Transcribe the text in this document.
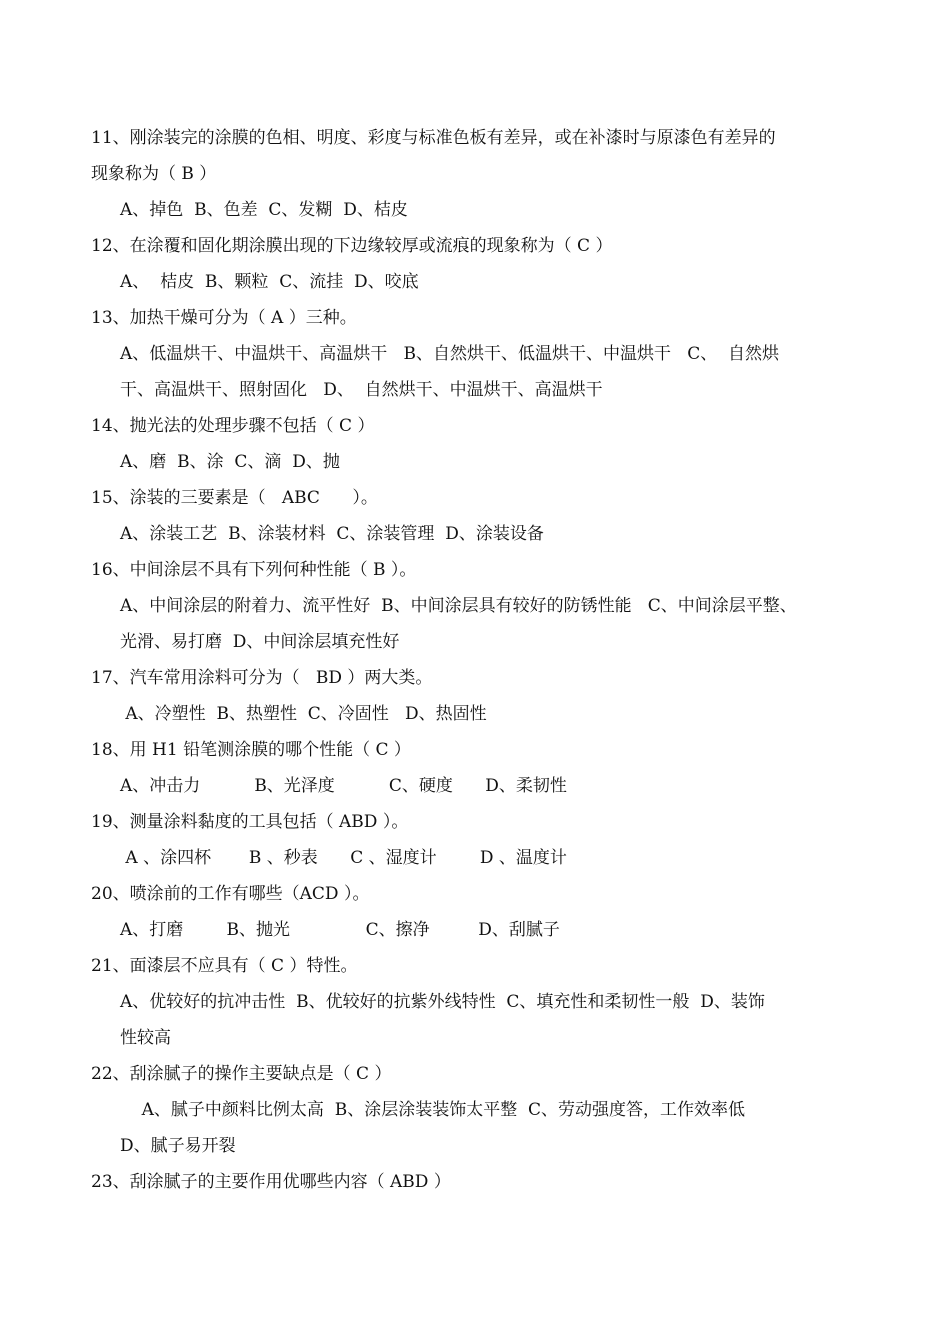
11、刚涂装完的涂膜的色相、明度、彩度与标准色板有差异，或在补漆时与原漆色有差异的

现象称为（ B ）

A、掉色  B、色差  C、发糊  D、桔皮

12、在涂覆和固化期涂膜出现的下边缘较厚或流痕的现象称为（ C ）

A、  桔皮  B、颗粒  C、流挂  D、咬底

13、加热干燥可分为（ A ）三种。

A、低温烘干、中温烘干、高温烘干   B、自然烘干、低温烘干、中温烘干   C、  自然烘

干、高温烘干、照射固化   D、  自然烘干、中温烘干、高温烘干

14、抛光法的处理步骤不包括（ C ）

A、磨  B、涂  C、滴  D、抛

15、涂装的三要素是（   ABC      ）。

A、涂装工艺  B、涂装材料  C、涂装管理  D、涂装设备

16、中间涂层不具有下列何种性能（ B ）。

A、中间涂层的附着力、流平性好  B、中间涂层具有较好的防锈性能   C、中间涂层平整、

光滑、易打磨  D、中间涂层填充性好

17、汽车常用涂料可分为（   BD ）两大类。

A、冷塑性  B、热塑性  C、冷固性   D、热固性

18、用 H1 铅笔测涂膜的哪个性能（ C ）

A、冲击力          B、光泽度          C、硬度      D、柔韧性

19、测量涂料黏度的工具包括（ ABD ）。

A 、涂四杯       B 、秒表      C 、湿度计        D 、温度计

20、喷涂前的工作有哪些（ACD ）。

A、打磨        B、抛光              C、擦净         D、刮腻子

21、面漆层不应具有（ C ）特性。

A、优较好的抗冲击性  B、优较好的抗紫外线特性  C、填充性和柔韧性一般  D、装饰

性较高

22、刮涂腻子的操作主要缺点是（ C ）

A、腻子中颜料比例太高  B、涂层涂装装饰太平整  C、劳动强度答，工作效率低

D、腻子易开裂

23、刮涂腻子的主要作用优哪些内容（ ABD ）
